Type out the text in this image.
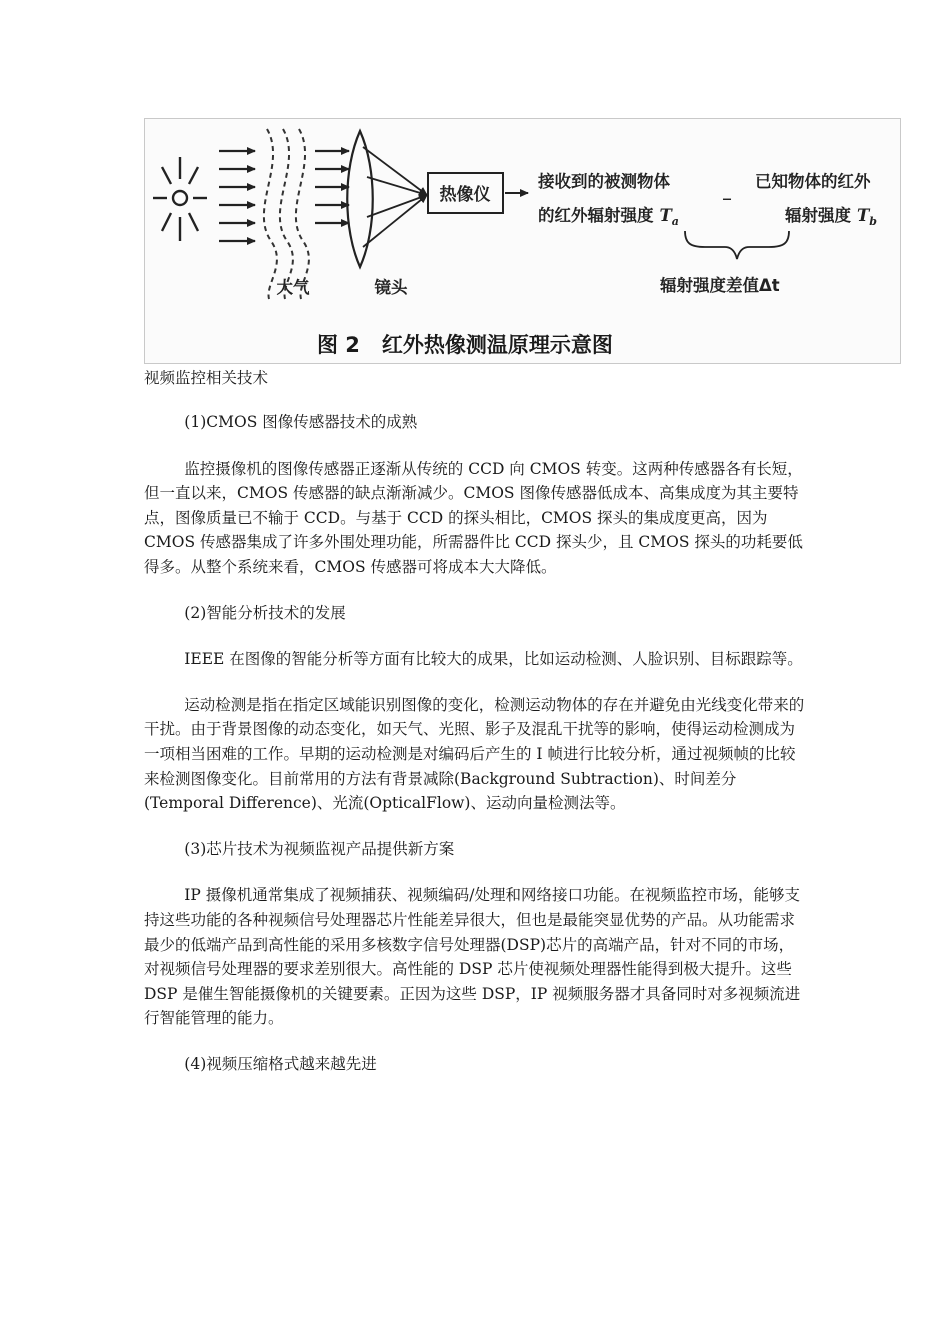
热像仪
接收到的被测物体
的红外辐射强度 $T_a$
–
已知物体的红外
辐射强度 $T_b$
辐射强度差值Δt
大气	镜头
图 2   红外热像测温原理示意图
视频监控相关技术

(1)CMOS 图像传感器技术的成熟

监控摄像机的图像传感器正逐渐从传统的 CCD 向 CMOS 转变。这两种传感器各有长短，但一直以来，CMOS 传感器的缺点渐渐减少。CMOS 图像传感器低成本、高集成度为其主要特点，图像质量已不输于 CCD。与基于 CCD 的探头相比，CMOS 探头的集成度更高，因为 CMOS 传感器集成了许多外围处理功能，所需器件比 CCD 探头少，且 CMOS 探头的功耗要低得多。从整个系统来看，CMOS 传感器可将成本大大降低。

(2)智能分析技术的发展

IEEE 在图像的智能分析等方面有比较大的成果，比如运动检测、人脸识别、目标跟踪等。

运动检测是指在指定区域能识别图像的变化，检测运动物体的存在并避免由光线变化带来的干扰。由于背景图像的动态变化，如天气、光照、影子及混乱干扰等的影响，使得运动检测成为一项相当困难的工作。早期的运动检测是对编码后产生的 I 帧进行比较分析，通过视频帧的比较来检测图像变化。目前常用的方法有背景减除(Background Subtraction)、时间差分(Temporal Difference)、光流(OpticalFlow)、运动向量检测法等。

(3)芯片技术为视频监视产品提供新方案

IP 摄像机通常集成了视频捕获、视频编码/处理和网络接口功能。在视频监控市场，能够支持这些功能的各种视频信号处理器芯片性能差异很大，但也是最能突显优势的产品。从功能需求最少的低端产品到高性能的采用多核数字信号处理器(DSP)芯片的高端产品，针对不同的市场，对视频信号处理器的要求差别很大。高性能的 DSP 芯片使视频处理器性能得到极大提升。这些 DSP 是催生智能摄像机的关键要素。正因为这些 DSP，IP 视频服务器才具备同时对多视频流进行智能管理的能力。

(4)视频压缩格式越来越先进
